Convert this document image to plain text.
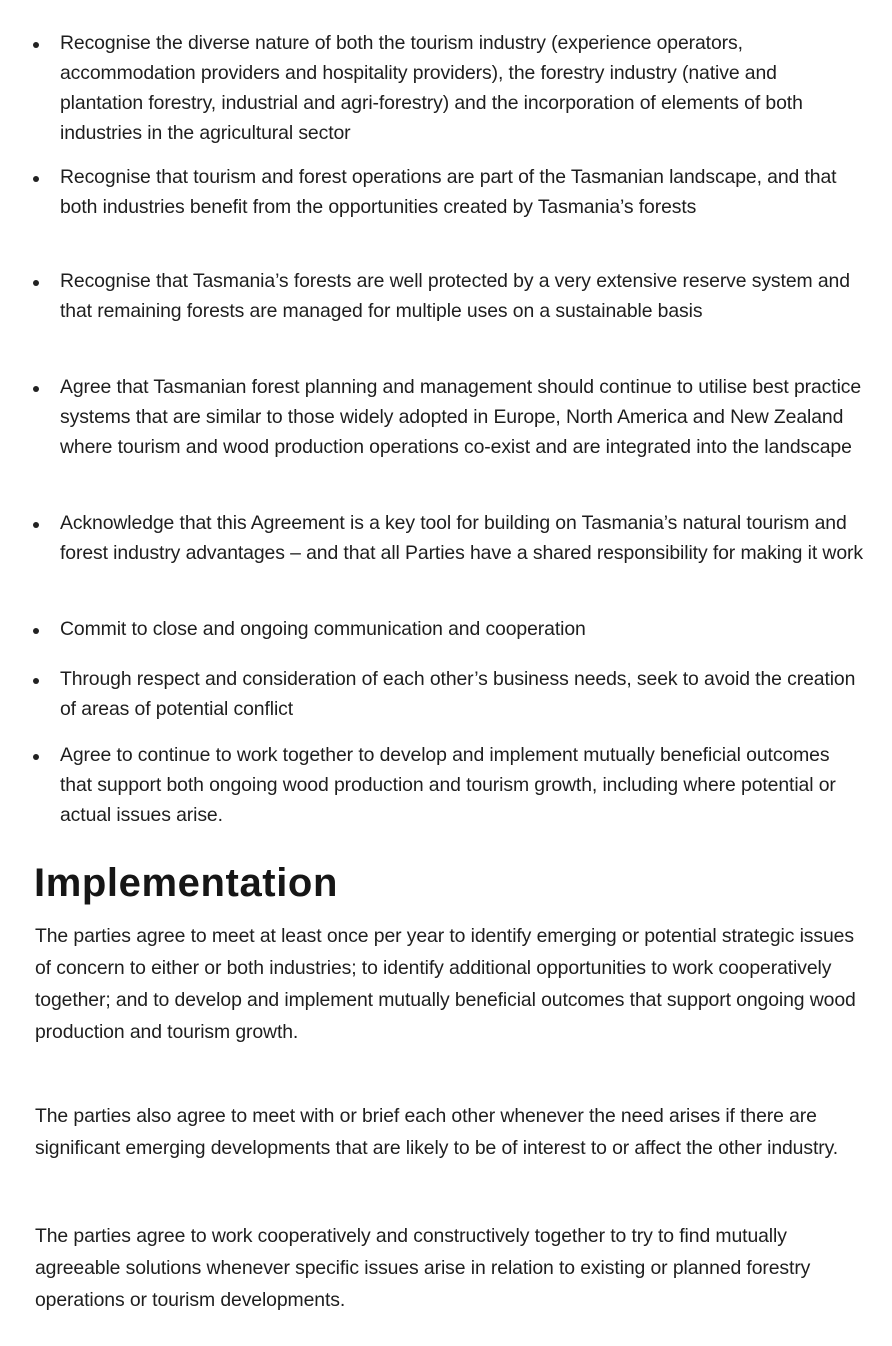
Recognise the diverse nature of both the tourism industry (experience operators, accommodation providers and hospitality providers), the forestry industry (native and plantation forestry, industrial and agri-forestry) and the incorporation of elements of both industries in the agricultural sector
Recognise that tourism and forest operations are part of the Tasmanian landscape, and that both industries benefit from the opportunities created by Tasmania’s forests
Recognise that Tasmania’s forests are well protected by a very extensive reserve system and that remaining forests are managed for multiple uses on a sustainable basis
Agree that Tasmanian forest planning and management should continue to utilise best practice systems that are similar to those widely adopted in Europe, North America and New Zealand where tourism and wood production operations co-exist and are integrated into the landscape
Acknowledge that this Agreement is a key tool for building on Tasmania’s natural tourism and forest industry advantages – and that all Parties have a shared responsibility for making it work
Commit to close and ongoing communication and cooperation
Through respect and consideration of each other’s business needs, seek to avoid the creation of areas of potential conflict
Agree to continue to work together to develop and implement mutually beneficial outcomes that support both ongoing wood production and tourism growth, including where potential or actual issues arise.
Implementation

The parties agree to meet at least once per year to identify emerging or potential strategic issues of concern to either or both industries; to identify additional opportunities to work cooperatively together; and to develop and implement mutually beneficial outcomes that support ongoing wood production and tourism growth.

The parties also agree to meet with or brief each other whenever the need arises if there are significant emerging developments that are likely to be of interest to or affect the other industry.

The parties agree to work cooperatively and constructively together to try to find mutually agreeable solutions whenever specific issues arise in relation to existing or planned forestry operations or tourism developments.
